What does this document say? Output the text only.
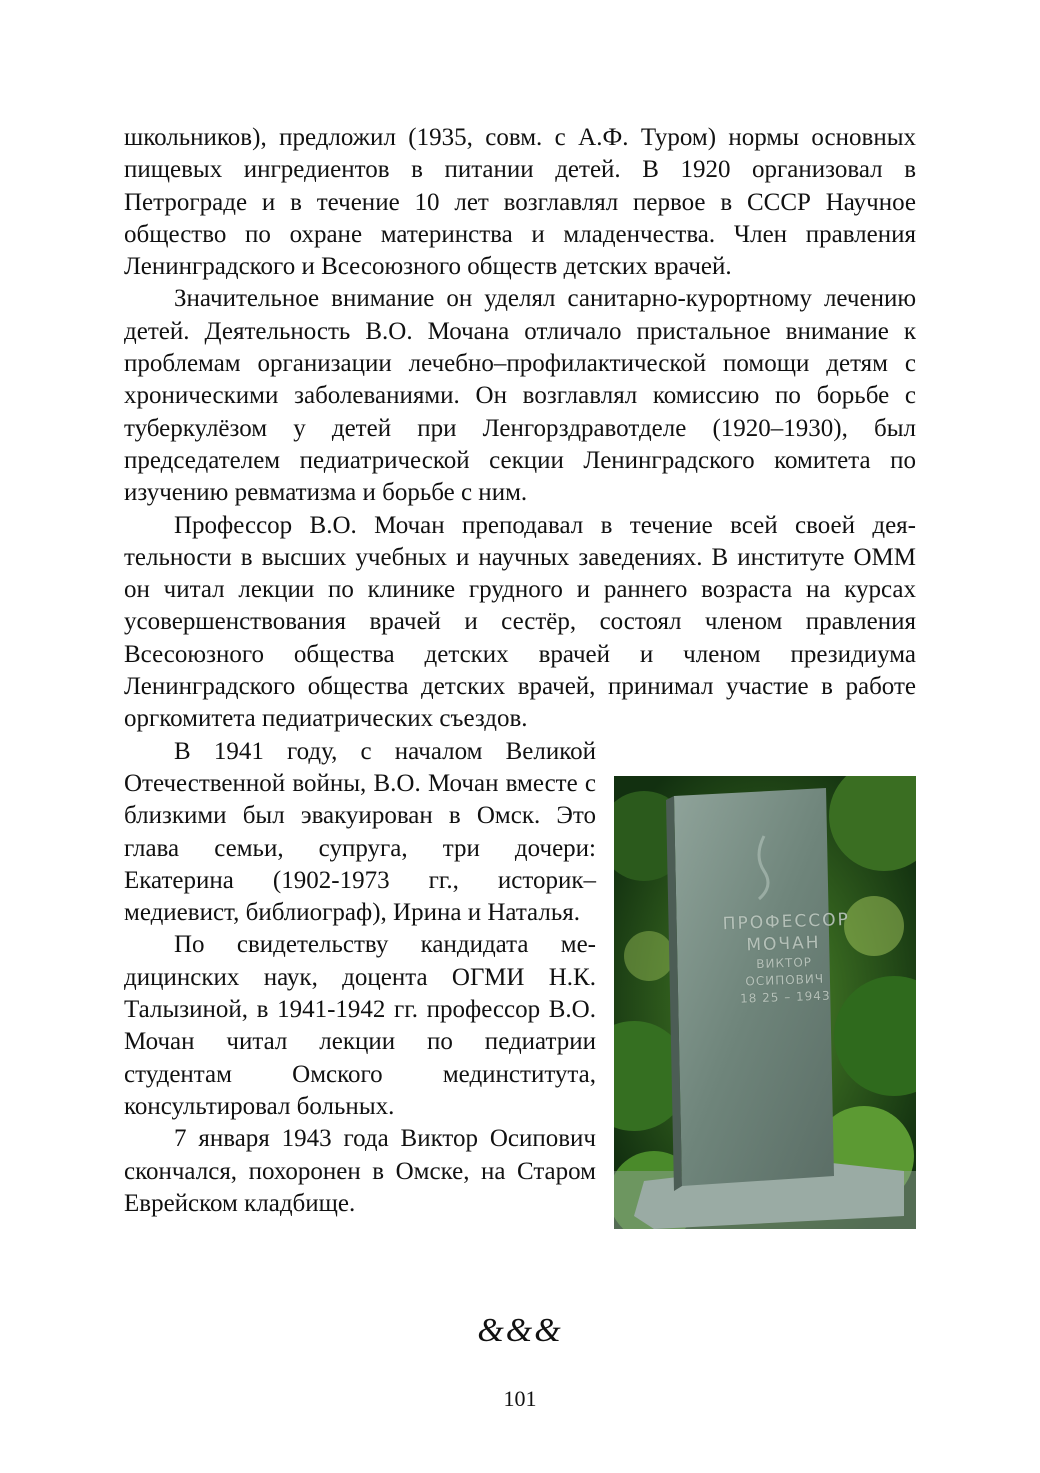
школьников), предложил (1935, совм. с А.Ф. Туром) нормы основных пищевых ингредиентов в питании детей. В 1920 организовал в Петрограде и в течение 10 лет возглавлял первое в СССР Научное общество по охране материнства и младенчества. Член правления Ленинградского и Всесоюзного обществ детских врачей.

Значительное внимание он уделял санитарно-курортному лечению детей. Деятельность В.О. Мочана отличало пристальное внимание к проблемам организации лечебно–профилактической помощи детям с хроническими заболеваниями. Он возглавлял комиссию по борьбе с туберкулёзом у детей при Ленгорздравотделе (1920–1930), был председателем педиатрической секции Ленинградского комитета по изучению ревматизма и борьбе с ним.

Профессор В.О. Мочан преподавал в течение всей своей деятельности в высших учебных и научных заведениях. В институте ОММ он читал лекции по клинике грудного и раннего возраста на курсах усовершенствования врачей и сестёр, состоял членом правления Всесоюзного общества детских врачей и членом президиума Ленинградского общества детских врачей, принимал участие в работе оргкомитета педиатрических съездов.

ПРОФЕССОР
МОЧАН
ВИКТОР
ОСИПОВИЧ
18 25 – 1943
В 1941 году, с началом Великой Отечественной войны, В.О. Мочан вместе с близкими был эвакуирован в Омск. Это глава семьи, супруга, три дочери: Екатерина (1902-1973 гг., историк–медиевист, библиограф), Ирина и Наталья.

По свидетельству кандидата медицинских наук, доцента ОГМИ Н.К. Талызиной, в 1941-1942 гг. профессор В.О. Мочан читал лекции по педиатрии студентам Омского мединститута, консультировал больных.

7 января 1943 года Виктор Осипович скончался, похоронен в Омске, на Старом Еврейском кладбище.

&&&
101
